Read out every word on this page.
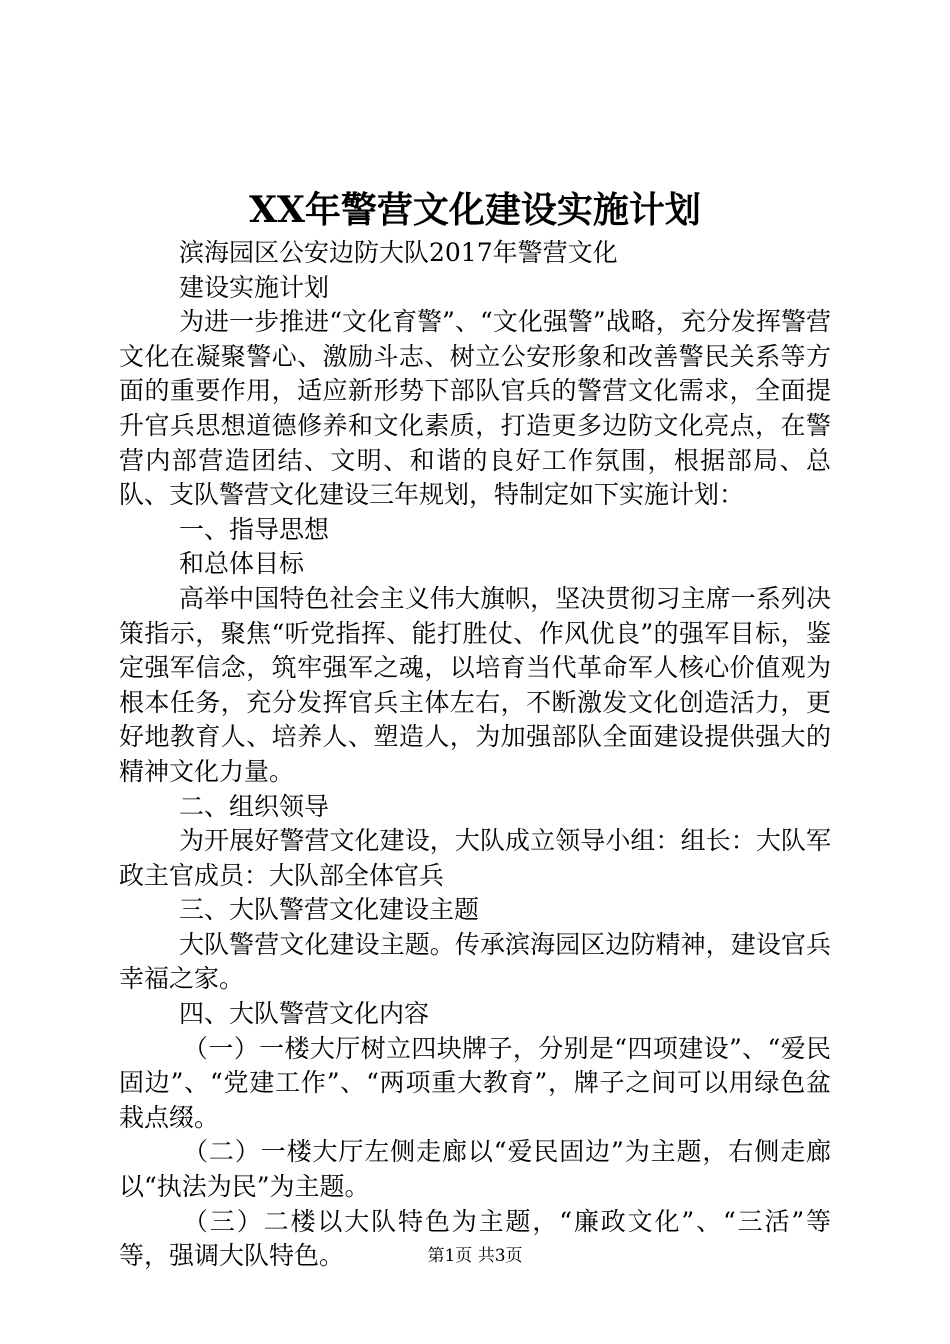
XX年警营文化建设实施计划

滨海园区公安边防大队2017年警营文化

建设实施计划

为进一步推进“文化育警”、“文化强警”战略，充分发挥警营文化在凝聚警心、激励斗志、树立公安形象和改善警民关系等方面的重要作用，适应新形势下部队官兵的警营文化需求，全面提升官兵思想道德修养和文化素质，打造更多边防文化亮点，在警营内部营造团结、文明、和谐的良好工作氛围，根据部局、总队、支队警营文化建设三年规划，特制定如下实施计划：

一、指导思想

和总体目标

高举中国特色社会主义伟大旗帜，坚决贯彻习主席一系列决策指示，聚焦“听党指挥、能打胜仗、作风优良”的强军目标，鉴定强军信念，筑牢强军之魂，以培育当代革命军人核心价值观为根本任务，充分发挥官兵主体左右，不断激发文化创造活力，更好地教育人、培养人、塑造人，为加强部队全面建设提供强大的精神文化力量。

二、组织领导

为开展好警营文化建设，大队成立领导小组：组长：大队军政主官成员：大队部全体官兵

三、大队警营文化建设主题

大队警营文化建设主题。传承滨海园区边防精神，建设官兵幸福之家。

四、大队警营文化内容

（一）一楼大厅树立四块牌子，分别是“四项建设”、“爱民固边”、“党建工作”、“两项重大教育”，牌子之间可以用绿色盆栽点缀。

（二）一楼大厅左侧走廊以“爱民固边”为主题，右侧走廊以“执法为民”为主题。

（三）二楼以大队特色为主题，“廉政文化”、“三活”等等，强调大队特色。	第1页 共3页
